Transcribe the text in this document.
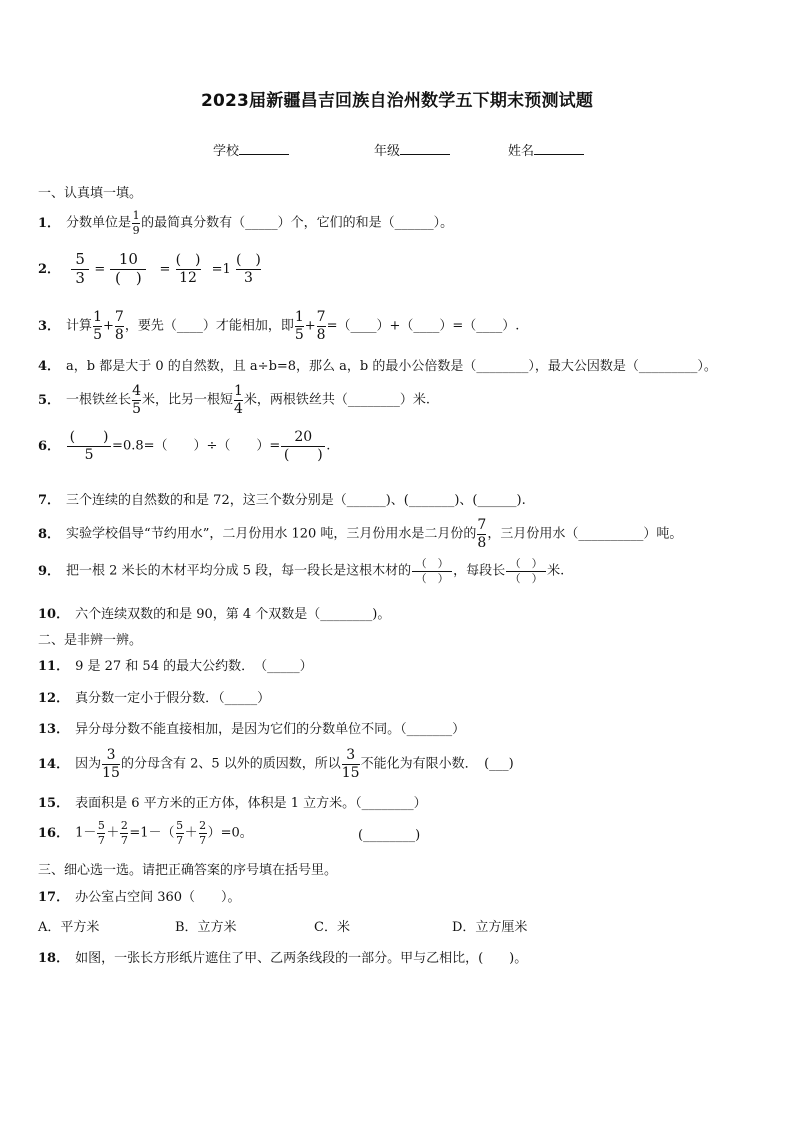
2023届新疆昌吉回族自治州数学五下期末预测试题
学校	年级	姓名
一、认真填一填。
1． 分数单位是 $\frac{1}{9}$ 的最简真分数有（_____）个，它们的和是（______）。
2． $\frac{5}{3} = \frac{10}{( )} = \frac{( )}{12} =1 \frac{( )}{3}$
3． 计算 $\frac{1}{5} + \frac{7}{8}$ ，要先（____）才能相加，即 $\frac{1}{5} + \frac{7}{8}$ =（____）+（____）=（____）.
4． a，b 都是大于 0 的自然数，且 a÷b=8，那么 a，b 的最小公倍数是（________），最大公因数是（_________）。
5． 一根铁丝长 $\frac{4}{5}$ 米，比另一根短 $\frac{1}{4}$ 米，两根铁丝共（________）米.
6． $\frac{( )}{5} =0.8=$（　　）÷（　　）= $\frac{20}{( )}$ .
7． 三个连续的自然数的和是 72，这三个数分别是（______)、(_______)、(______).
8． 实验学校倡导“节约用水”，二月份用水 120 吨，三月份用水是二月份的 $\frac{7}{8}$ ，三月份用水（__________）吨。
9． 把一根 2 米长的木材平均分成 5 段，每一段长是这根木材的 $\frac{( )}{( )}$ ，每段长 $\frac{( )}{( )}$ 米.
10． 六个连续双数的和是 90，第 4 个双数是（________)。
二、是非辨一辨。
11． 9 是 27 和 54 的最大公约数．　（_____）
12． 真分数一定小于假分数．（_____）
13． 异分母分数不能直接相加，是因为它们的分数单位不同。（_______）
14． 因为 $\frac{3}{15}$ 的分母含有 2、5 以外的质因数，所以 $\frac{3}{15}$ 不能化为有限小数．　(___)
15． 表面积是 6 平方米的正方体，体积是 1 立方米。（________）
16． $1- \frac{5}{7} + \frac{2}{7} =1-( \frac{5}{7} + \frac{2}{7} )=0$。	(________)
三、细心选一选。请把正确答案的序号填在括号里。
17． 办公室占空间 360（　　）。
A．平方米	B．立方米	C．米	D．立方厘米
18． 如图，一张长方形纸片遮住了甲、乙两条线段的一部分。甲与乙相比，(　　)。
